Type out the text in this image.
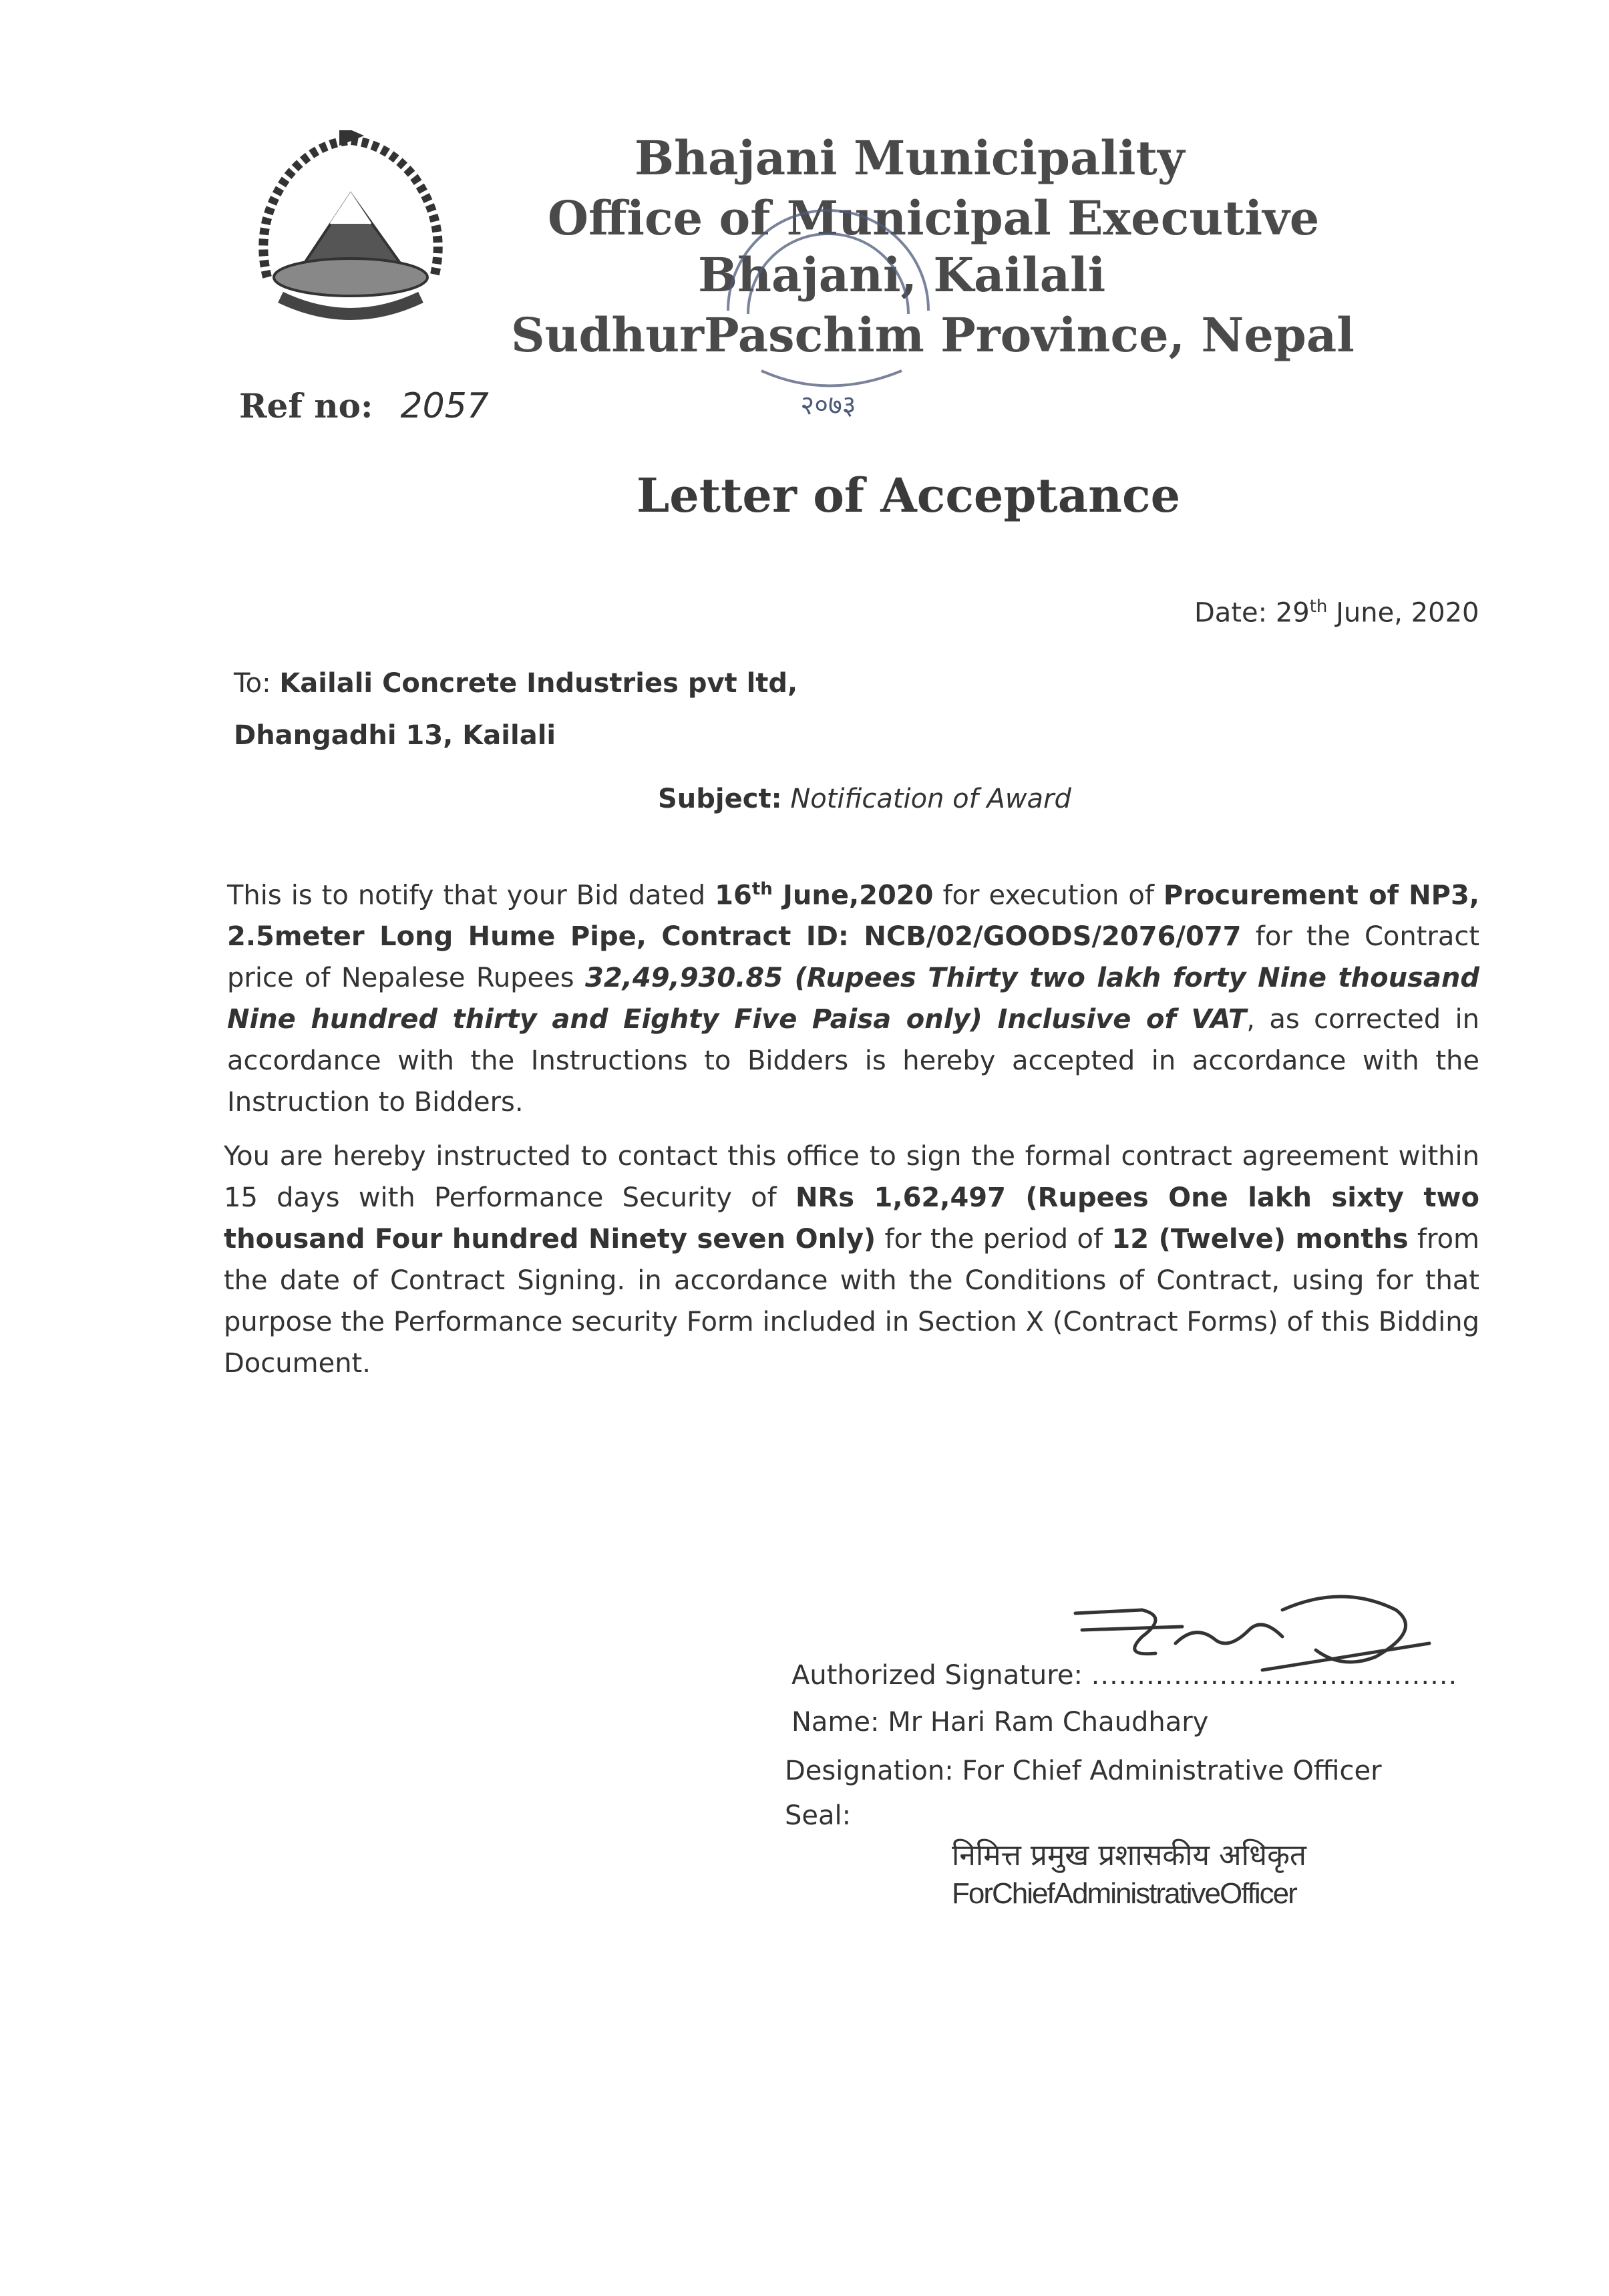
Bhajani Municipality
Office of Municipal Executive
Bhajani, Kailali
SudhurPaschim Province, Nepal
२०७३
Ref no: 2057
Letter of Acceptance
Date: 29th June, 2020
To: Kailali Concrete Industries pvt ltd,
Dhangadhi 13, Kailali
Subject: Notification of Award
This is to notify that your Bid dated 16th June,2020 for execution of Procurement of NP3, 2.5meter Long Hume Pipe, Contract ID: NCB/02/GOODS/2076/077 for the Contract price of Nepalese Rupees 32,49,930.85 (Rupees Thirty two lakh forty Nine thousand Nine hundred thirty and Eighty Five Paisa only) Inclusive of VAT, as corrected in accordance with the Instructions to Bidders is hereby accepted in accordance with the Instruction to Bidders.
You are hereby instructed to contact this office to sign the formal contract agreement within 15 days with Performance Security of NRs 1,62,497 (Rupees One lakh sixty two thousand Four hundred Ninety seven Only) for the period of 12 (Twelve) months from the date of Contract Signing. in accordance with the Conditions of Contract, using for that purpose the Performance security Form included in Section X (Contract Forms) of this Bidding Document.
Authorized Signature: ........................................
Name: Mr Hari Ram Chaudhary
Designation: For Chief Administrative Officer
Seal:
निमित्त प्रमुख प्रशासकीय अधिकृत
ForChiefAdministrativeOfficer
